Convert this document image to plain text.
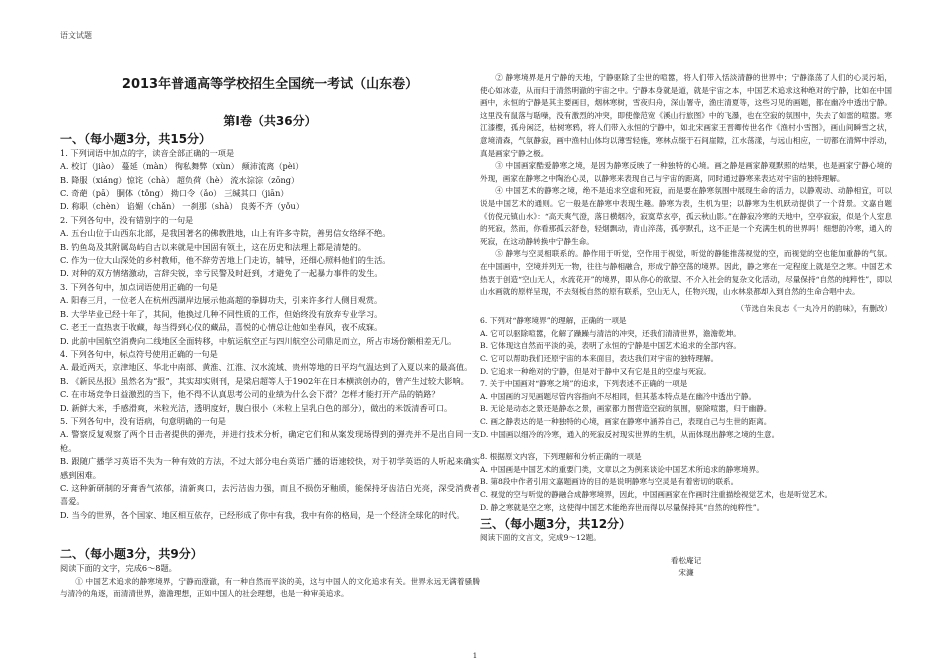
语文试题
2013年普通高等学校招生全国统一考试（山东卷）
第Ⅰ卷（共36分）
一、（每小题3分，共15分）
1. 下列词语中加点的字，读音全部正确的一项是
A. 校订（jiào） 蔓延（màn） 徇私舞弊（xùn） 颠沛流离（pèi）
B. 降服（xiáng）惊诧（chà） 超负荷（hè） 流水淙淙（zōng）
C. 奇葩（pā） 胴体（tǒng） 拗口令（ǎo） 三缄其口（jiān）
D. 称职（chèn） 谄媚（chǎn） 一刹那（shà） 良莠不齐（yǒu）
2. 下列各句中，没有错别字的一句是
A. 五台山位于山西东北部，是我国著名的佛教胜地，山上有许多寺院，善男信女络绎不绝。
B. 钓鱼岛及其附属岛屿自古以来就是中国固有领土，这在历史和法理上都是清楚的。
C. 作为一位大山深处的乡村教师，他不辞劳苦地上门走访，辅导，还细心照料他们的生活。
D. 对种的双方情绪激动，言辞尖锐，幸亏民警及时赶到，才避免了一起暴力事件的发生。
3. 下列各句中，加点词语使用正确的一句是
A. 阳春三月，一位老人在杭州西湖岸边展示他高超的拳脚功夫，引来许多行人侧目观赏。
B. 大学毕业已经十年了，其间，他换过几种不同性质的工作，但始终没有放弃专业学习。
C. 老王一直热衷于收藏，每当得到心仪的藏品，喜悦的心情总让他如坐春风，夜不成寐。
D. 此前中国航空消费向二线地区全面转移，中航运航空正与四川航空公司鼎足而立，所占市场份额相差无几。
4. 下列各句中，标点符号使用正确的一句是
A. 最近两天，京津地区、华北中南部、黄淮、江淮、汉水流域、贵州等地的日平均气温达到了入夏以来的最高值。
B. 《新民丛报》虽然名为“报”，其实却实则刊，是梁启超等人于1902年在日本横滨创办的，曾产生过较大影响。
C. 在市场竞争日益激烈的当下，他不得不认真思考公司的业绩为什么会下滑？怎样才能打开产品的销路？
D. 新鲜大米，手感滑爽，米粒光洁，透明度好，腹白很小（米粒上呈乳白色的部分），做出的米饭清香可口。
5. 下列各句中，没有语病，句意明确的一句是
A. 警察反复观察了两个日击者提供的弹壳，并进行技术分析，确定它们和从案发现场得到的弹壳并不是出自同一支枪。
B. 跟随广播学习英语不失为一种有效的方法，不过大部分电台英语广播的语速较快，对于初学英语的人听起来确实感到困难。
C. 这种新研制的牙膏香气浓郁，清新爽口，去污洁齿力强，而且不损伤牙釉质，能保持牙齿洁白光亮，深受消费者喜爱。
D. 当今的世界，各个国家、地区相互依存，已经形成了你中有我，我中有你的格局，是一个经济全球化的时代。
二、（每小题3分，共9分）
阅读下面的文字，完成6～8题。
① 中国艺术追求的静寒境界，宁静而澄澈，有一种自然而平淡的美，这与中国人的文化追求有关。世界永远无满着骚腾与清冷的角逐，而清清世界，澹澹理想，正如中国人的社会理想，也是一种审美追求。
② 静寒境界是月宁静的天地，宁静驱除了尘世的喧嚣，将人们带入恬淡清静的世界中；宁静涤荡了人们的心灵污垢，使心如冰壶，从而归于清然明澈的宇宙之中。宁静本身就是道，就是宇宙之本，中国艺术追求这种绝对的宁静，比如在中国画中，永恒的宁静是其主要画目，烟林寒树，雪夜归舟，深山署寺，渔庄清夏等，这些习见的画题，都在幽冷中透出宁静。这里没有鼠落与聒噪，没有激烈的冲突，即使像范宽《溪山行旅图》中的飞瀑，也在空寂的氛围中，失去了如雷的喧嚣。寒江漆樱，孤舟闲泛，枯树寒鸦，将人们带入永恒的宁静中，如北宋画家王晋卿传世名作《渔村小雪图》，画山间瞬雪之状，意境清森，气氛静寂，画中渔村山体均以薄雪轻施，寒林点缀于石间崖隙，江水荡漾，与远山相应，一切都在清辉中浮动，真是画家宁静之极。
③ 中国画家酷爱静寒之境，是因为静寒反映了一种独特的心境。画之静是画家静观默照的结果，也是画家宁静心境的外现，画家在静寒之中陶治心灵，以静寒来表现自己与宇宙的距离，同时通过静寒来表达对宇宙的独特理解。
④ 中国艺术的静寒之境，绝不是追求空虚和死寂，而是要在静寒氛围中展现生命的活力，以静观动、动静相宜，可以说是中国艺术的通则。它一般是在静寒中表现生趣。静寒为表，生机为里；以静寒为生机跃动提供了一个背景。文嘉自题《仿倪元镇山水》：“高天爽气澄，落日横烟冷，寂寞草玄亭，孤云秋山影。”在静寂冷寒的天地中，空亭寂寂，似是个人室息的死寂，然而，你看那孤云舒卷，轻烟飘动，青山淬荡，孤亭默孔，这不正是一个充满生机的世界吗！细想韵冷寒，通入的死寂，在这动静转换中宁静生命。
⑤ 静寒与空灵相联系的。静作用于听觉，空作用于视觉，听觉的静能推荡视觉的空，而视觉的空也能加重静的气氛。在中国画中，空境并列无一物，往往与静相融合，形成宁静空荡的境界。因此，静之寒在一定程度上就是空之寒。中国艺术热衷于创造“空山无人，水流花开”的境界，即从你心的欲望、不介入社会的复杂文化活动，尽量保持“自然的纯粹性”，即以山水画就的原样呈现，不去刻板自然的原有联系，空山无人，任物兴现，山水林泉都却入到自然的生命合唱中去。
（节选自朱良志《一丸冷月的韵味》，有删改）
6. 下列对“静寒境界”的理解，正确的一项是
A. 它可以驱除喧嚣，化解了躁躁与清洁的冲突，还我们清清世界，澹澹乾坤。
B. 它体现这自然而平淡的美，表明了永恒的宁静是中国艺术追求的全部内容。
C. 它可以帮助我们还原宇宙的本来面目，表达我们对宇宙的独特理解。
D. 它追求一种绝对的宁静，但是对于静中又有它是且的空虚与死寂。
7. 关于中国画对“静寒之境”的追求，下列表述不正确的一项是
A. 中国画的习见画题尽管内容指向不尽相同，但其基本特点是在幽冷中透出宁静。
B. 无论是动态之景还是静态之景，画家都力图营造空寂的氛围，驱除喧嚣，归于幽静。
C. 画之静表达的是一种独特的心境，画家在静寒中涵养自己，表现自己与生世的距离。
D. 中国画以细冷的冷寒，通入的死寂反衬现实世界的生机，从而体现出静寒之境的生意。
8. 根据原文内容，下列理解和分析正确的一项是
A. 中国画是中国艺术的重要门类，文章以之为例来谈论中国艺术所追求的静寒境界。
B. 第8段中作者引用文嘉题画诗的目的是说明静寒与空灵是有着密切的联系。
C. 视觉的空与听觉的静融合成静寒境界，因此，中国画画家在作画时注重描绘视觉艺术，也是听觉艺术。
D. 静之寒就是空之寒，这使得中国艺术能绝弃世而得以尽量保持其“自然的纯粹性”。
三、（每小题3分，共12分）
阅读下面的文言文，完成9～12题。
看松庵记
宋濂
1
